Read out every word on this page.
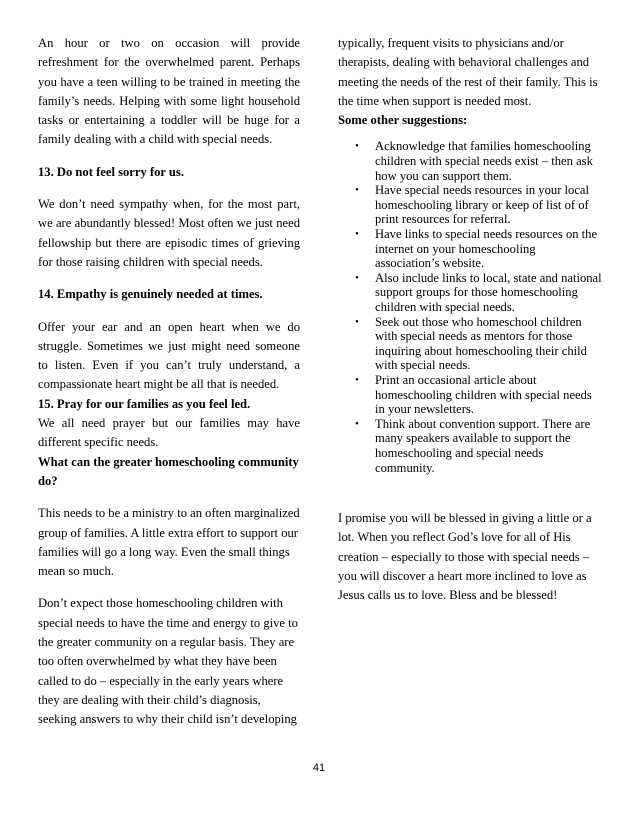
An hour or two on occasion will provide refreshment for the overwhelmed parent. Perhaps you have a teen willing to be trained in meeting the family’s needs. Helping with some light household tasks or entertaining a toddler will be huge for a family dealing with a child with special needs.

13. Do not feel sorry for us.

We don’t need sympathy when, for the most part, we are abundantly blessed! Most often we just need fellowship but there are episodic times of grieving for those raising children with special needs.

14. Empathy is genuinely needed at times.

Offer your ear and an open heart when we do struggle. Sometimes we just might need someone to listen. Even if you can’t truly understand, a compassionate heart might be all that is needed.

15. Pray for our families as you feel led.

We all need prayer but our families may have different specific needs.

What can the greater homeschooling community do?

This needs to be a ministry to an often marginalized
group of families. A little extra effort to support our
families will go a long way. Even the small things
mean so much.
Don’t expect those homeschooling children with
special needs to have the time and energy to give to
the greater community on a regular basis. They are
too often overwhelmed by what they have been
called to do – especially in the early years where
they are dealing with their child’s diagnosis,
seeking answers to why their child isn’t developing
typically, frequent visits to physicians and/or
therapists, dealing with behavioral challenges and
meeting the needs of the rest of their family. This is
the time when support is needed most.

Some other suggestions:

• Acknowledge that families homeschooling children with special needs exist – then ask how you can support them.
• Have special needs resources in your local homeschooling library or keep of list of of print resources for referral.
• Have links to special needs resources on the internet on your homeschooling association’s website.
• Also include links to local, state and national support groups for those homeschooling children with special needs.
• Seek out those who homeschool children with special needs as mentors for those inquiring about homeschooling their child with special needs.
• Print an occasional article about homeschooling children with special needs in your newsletters.
• Think about convention support. There are many speakers available to support the homeschooling and special needs community.
I promise you will be blessed in giving a little or a
lot. When you reflect God’s love for all of His
creation – especially to those with special needs –
you will discover a heart more inclined to love as
Jesus calls us to love. Bless and be blessed!
41
